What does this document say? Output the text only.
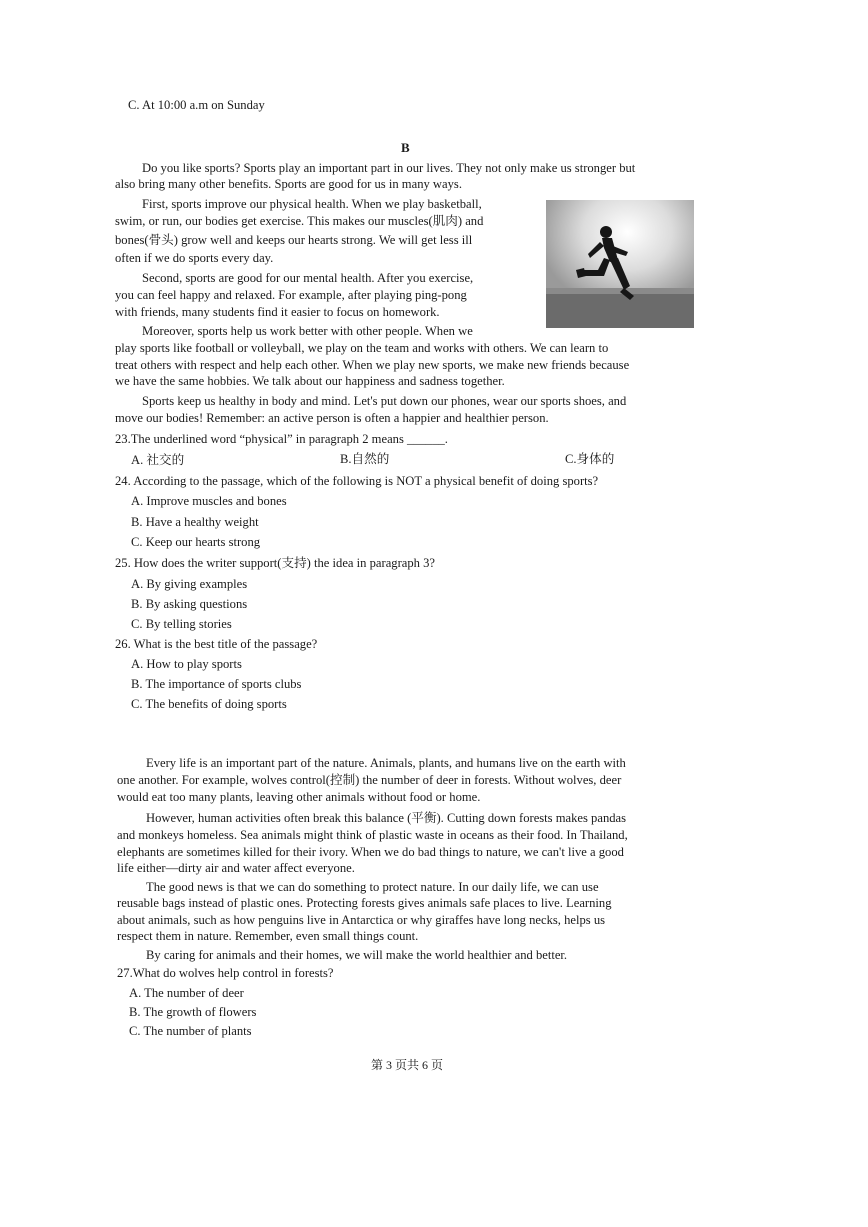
C. At 10:00 a.m on Sunday
B
Do you like sports? Sports play an important part in our lives. They not only make us stronger but
also bring many other benefits. Sports are good for us in many ways.
First, sports improve our physical health. When we play basketball,
swim, or run, our bodies get exercise. This makes our muscles(肌肉) and
bones(骨头) grow well and keeps our hearts strong. We will get less ill
often if we do sports every day.
Second, sports are good for our mental health. After you exercise,
you can feel happy and relaxed. For example, after playing ping-pong
with friends, many students find it easier to focus on homework.
Moreover, sports help us work better with other people. When we
play sports like football or volleyball, we play on the team and works with others. We can learn to
treat others with respect and help each other. When we play new sports, we make new friends because
we have the same hobbies. We talk about our happiness and sadness together.
Sports keep us healthy in body and mind. Let's put down our phones, wear our sports shoes, and
move our bodies! Remember: an active person is often a happier and healthier person.
23.The underlined word “physical” in paragraph 2 means ______.
A. 社交的	B.自然的	C.身体的
24. According to the passage, which of the following is NOT a physical benefit of doing sports?
A. Improve muscles and bones
B. Have a healthy weight
C. Keep our hearts strong
25. How does the writer support(支持) the idea in paragraph 3?
A. By giving examples
B. By asking questions
C. By telling stories
26. What is the best title of the passage?
A. How to play sports
B. The importance of sports clubs
C. The benefits of doing sports
Every life is an important part of the nature. Animals, plants, and humans live on the earth with
one another. For example, wolves control(控制) the number of deer in forests. Without wolves, deer
would eat too many plants, leaving other animals without food or home.
However, human activities often break this balance (平衡). Cutting down forests makes pandas
and monkeys homeless. Sea animals might think of plastic waste in oceans as their food. In Thailand,
elephants are sometimes killed for their ivory. When we do bad things to nature, we can't live a good
life either—dirty air and water affect everyone.
The good news is that we can do something to protect nature. In our daily life, we can use
reusable bags instead of plastic ones. Protecting forests gives animals safe places to live. Learning
about animals, such as how penguins live in Antarctica or why giraffes have long necks, helps us
respect them in nature. Remember, even small things count.
By caring for animals and their homes, we will make the world healthier and better.
27.What do wolves help control in forests?
A. The number of deer
B. The growth of flowers
C. The number of plants
第 3 页共 6 页
